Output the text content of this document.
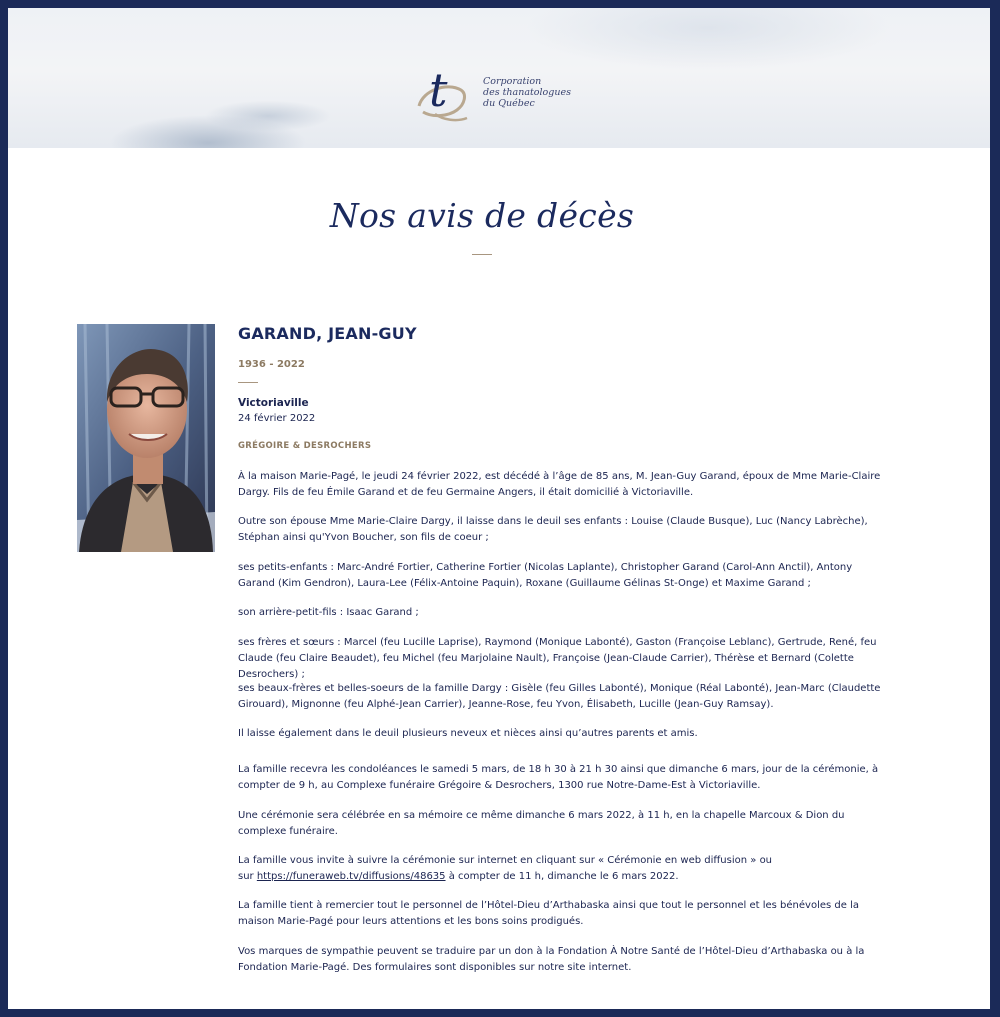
t	Corporation
des thanatologues
du Québec
Nos avis de décès
GARAND, JEAN-GUY
1936 - 2022
Victoriaville
24 février 2022
GRÉGOIRE & DESROCHERS

À la maison Marie-Pagé, le jeudi 24 février 2022, est décédé à l’âge de 85 ans, M. Jean-Guy Garand, époux de Mme Marie-Claire Dargy. Fils de feu Émile Garand et de feu Germaine Angers, il était domicilié à Victoriaville.

Outre son épouse Mme Marie-Claire Dargy, il laisse dans le deuil ses enfants : Louise (Claude Busque), Luc (Nancy Labrèche), Stéphan ainsi qu'Yvon Boucher, son fils de coeur ;

ses petits-enfants : Marc-André Fortier, Catherine Fortier (Nicolas Laplante), Christopher Garand (Carol-Ann Anctil), Antony Garand (Kim Gendron), Laura-Lee (Félix-Antoine Paquin), Roxane (Guillaume Gélinas St-Onge) et Maxime Garand ;

son arrière-petit-fils : Isaac Garand ;

ses frères et sœurs : Marcel (feu Lucille Laprise), Raymond (Monique Labonté), Gaston (Françoise Leblanc), Gertrude, René, feu Claude (feu Claire Beaudet), feu Michel (feu Marjolaine Nault), Françoise (Jean-Claude Carrier), Thérèse et Bernard (Colette Desrochers) ;

ses beaux-frères et belles-soeurs de la famille Dargy : Gisèle (feu Gilles Labonté), Monique (Réal Labonté), Jean-Marc (Claudette Girouard), Mignonne (feu Alphé-Jean Carrier), Jeanne-Rose, feu Yvon, Élisabeth, Lucille (Jean-Guy Ramsay).

Il laisse également dans le deuil plusieurs neveux et nièces ainsi qu’autres parents et amis.

La famille recevra les condoléances le samedi 5 mars, de 18 h 30 à 21 h 30 ainsi que dimanche 6 mars, jour de la cérémonie, à compter de 9 h, au Complexe funéraire Grégoire & Desrochers, 1300 rue Notre-Dame-Est à Victoriaville.

Une cérémonie sera célébrée en sa mémoire ce même dimanche 6 mars 2022, à 11 h, en la chapelle Marcoux & Dion du complexe funéraire.

La famille vous invite à suivre la cérémonie sur internet en cliquant sur « Cérémonie en web diffusion » ou
sur https://funeraweb.tv/diffusions/48635 à compter de 11 h, dimanche le 6 mars 2022.

La famille tient à remercier tout le personnel de l’Hôtel-Dieu d’Arthabaska ainsi que tout le personnel et les bénévoles de la maison Marie-Pagé pour leurs attentions et les bons soins prodigués.

Vos marques de sympathie peuvent se traduire par un don à la Fondation À Notre Santé de l’Hôtel-Dieu d’Arthabaska ou à la Fondation Marie-Pagé. Des formulaires sont disponibles sur notre site internet.
